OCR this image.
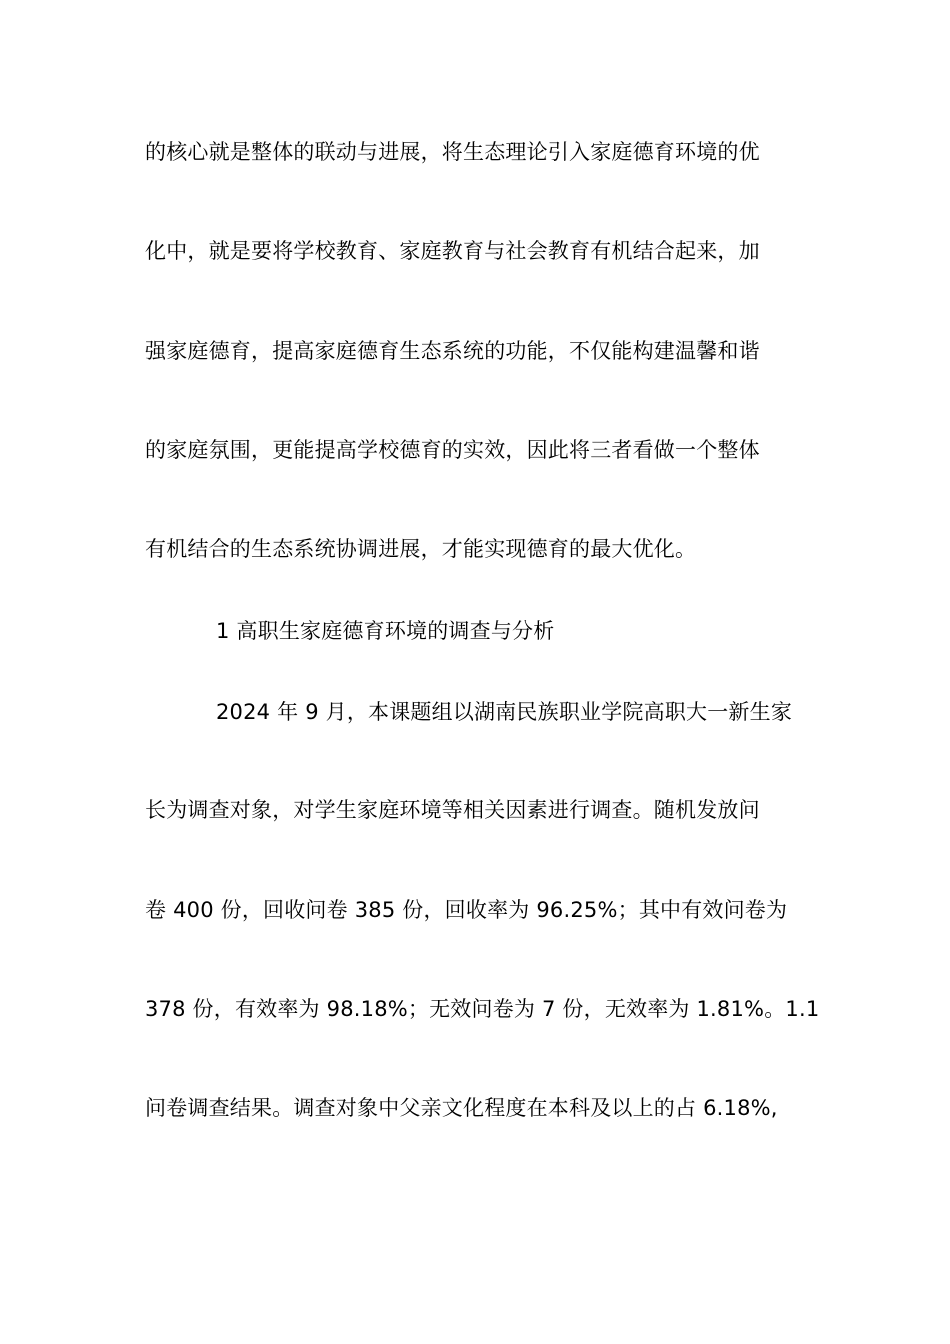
的核心就是整体的联动与进展，将生态理论引入家庭德育环境的优
化中，就是要将学校教育、家庭教育与社会教育有机结合起来，加
强家庭德育，提高家庭德育生态系统的功能，不仅能构建温馨和谐
的家庭氛围，更能提高学校德育的实效，因此将三者看做一个整体
有机结合的生态系统协调进展，才能实现德育的最大优化。
1 高职生家庭德育环境的调查与分析
2024 年 9 月，本课题组以湖南民族职业学院高职大一新生家
长为调查对象，对学生家庭环境等相关因素进行调查。随机发放问
卷 400 份，回收问卷 385 份，回收率为 96.25%；其中有效问卷为
378 份，有效率为 98.18%；无效问卷为 7 份，无效率为 1.81%。1.1
问卷调查结果。调查对象中父亲文化程度在本科及以上的占 6.18%,
